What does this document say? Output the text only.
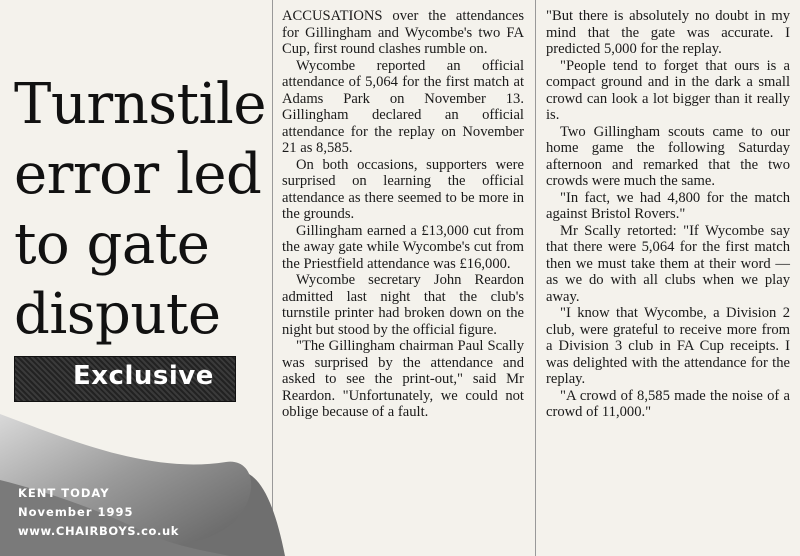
Turnstile
error led
to gate
dispute
Exclusive

ACCUSATIONS over the attendances for Gillingham and Wycombe's two FA Cup, first round clashes rumble on.

Wycombe reported an official attendance of 5,064 for the first match at Adams Park on November 13. Gillingham declared an official attendance for the replay on November 21 as 8,585.

On both occasions, supporters were surprised on learning the official attendance as there seemed to be more in the grounds.

Gillingham earned a £13,000 cut from the away gate while Wycombe's cut from the Priestfield attendance was £16,000.

Wycombe secretary John Reardon admitted last night that the club's turnstile printer had broken down on the night but stood by the official figure.

"The Gillingham chairman Paul Scally was surprised by the attendance and asked to see the print-out," said Mr Reardon. "Unfortunately, we could not oblige because of a fault.

"But there is absolutely no doubt in my mind that the gate was accurate. I predicted 5,000 for the replay.

"People tend to forget that ours is a compact ground and in the dark a small crowd can look a lot bigger than it really is.

Two Gillingham scouts came to our home game the following Saturday afternoon and remarked that the two crowds were much the same.

"In fact, we had 4,800 for the match against Bristol Rovers."

Mr Scally retorted: "If Wycombe say that there were 5,064 for the first match then we must take them at their word — as we do with all clubs when we play away.

"I know that Wycombe, a Division 2 club, were grateful to receive more from a Division 3 club in FA Cup receipts. I was delighted with the attendance for the replay.

"A crowd of 8,585 made the noise of a crowd of 11,000."

KENT TODAY
November 1995
www.CHAIRBOYS.co.uk
